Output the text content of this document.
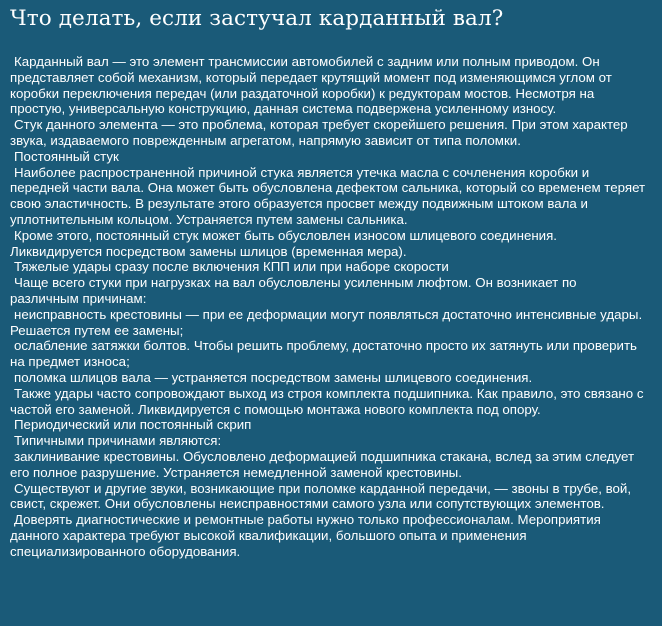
Что делать, если застучал карданный вал?

Карданный вал — это элемент трансмиссии автомобилей с задним или полным приводом. Он представляет собой механизм, который передает крутящий момент под изменяющимся углом от коробки переключения передач (или раздаточной коробки) к редукторам мостов. Несмотря на простую, универсальную конструкцию, данная система подвержена усиленному износу.

Стук данного элемента — это проблема, которая требует скорейшего решения. При этом характер звука, издаваемого поврежденным агрегатом, напрямую зависит от типа поломки.

Постоянный стук

Наиболее распространенной причиной стука является утечка масла с сочленения коробки и передней части вала. Она может быть обусловлена дефектом сальника, который со временем теряет свою эластичность. В результате этого образуется просвет между подвижным штоком вала и уплотнительным кольцом. Устраняется путем замены сальника.

Кроме этого, постоянный стук может быть обусловлен износом шлицевого соединения. Ликвидируется посредством замены шлицов (временная мера).

Тяжелые удары сразу после включения КПП или при наборе скорости

Чаще всего стуки при нагрузках на вал обусловлены усиленным люфтом. Он возникает по различным причинам:

неисправность крестовины — при ее деформации могут появляться достаточно интенсивные удары. Решается путем ее замены;

ослабление затяжки болтов. Чтобы решить проблему, достаточно просто их затянуть или проверить на предмет износа;

поломка шлицов вала — устраняется посредством замены шлицевого соединения.

Также удары часто сопровождают выход из строя комплекта подшипника. Как правило, это связано с частой его заменой. Ликвидируется с помощью монтажа нового комплекта под опору.

Периодический или постоянный скрип

Типичными причинами являются:

заклинивание крестовины. Обусловлено деформацией подшипника стакана, вслед за этим следует его полное разрушение. Устраняется немедленной заменой крестовины.

Существуют и другие звуки, возникающие при поломке карданной передачи, — звоны в трубе, вой, свист, скрежет. Они обусловлены неисправностями самого узла или сопутствующих элементов.

Доверять диагностические и ремонтные работы нужно только профессионалам. Мероприятия данного характера требуют высокой квалификации, большого опыта и применения специализированного оборудования.
